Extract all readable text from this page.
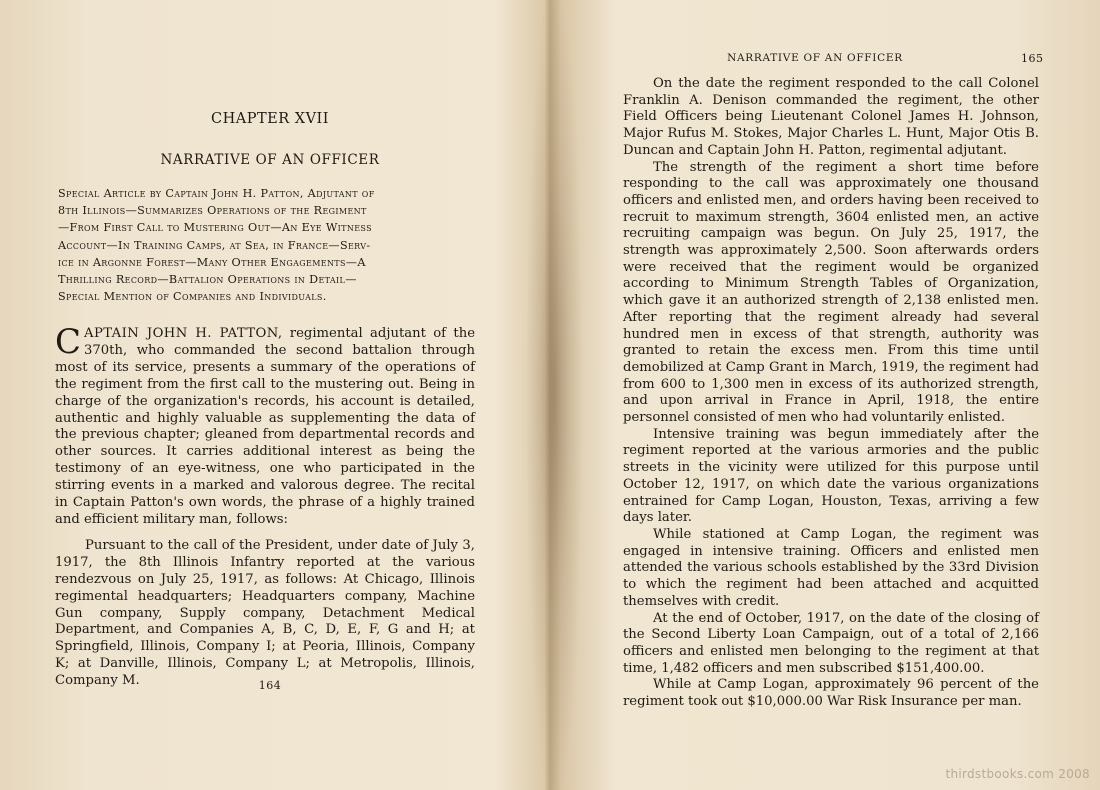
CHAPTER XVII
NARRATIVE OF AN OFFICER
Special Article by Captain John H. Patton, Adjutant of
8th Illinois—Summarizes Operations of the Regiment
—From First Call to Mustering Out—An Eye Witness
Account—In Training Camps, at Sea, in France—Serv-
ice in Argonne Forest—Many Other Engagements—A
Thrilling Record—Battalion Operations in Detail—
Special Mention of Companies and Individuals.

CAPTAIN JOHN H. PATTON, regimental adjutant of the 370th, who commanded the second battalion through most of its service, presents a summary of the operations of the regiment from the first call to the mustering out. Being in charge of the organization's records, his account is detailed, authentic and highly valuable as supplementing the data of the previous chapter; gleaned from departmental records and other sources. It carries additional interest as being the testimony of an eye-witness, one who participated in the stirring events in a marked and valorous degree. The recital in Captain Patton's own words, the phrase of a highly trained and efficient military man, follows:

Pursuant to the call of the President, under date of July 3, 1917, the 8th Illinois Infantry reported at the various rendezvous on July 25, 1917, as follows: At Chicago, Illinois regimental headquarters; Headquarters company, Machine Gun company, Supply company, Detachment Medical Department, and Companies A, B, C, D, E, F, G and H; at Springfield, Illinois, Company I; at Peoria, Illinois, Company K; at Danville, Illinois, Company L; at Metropolis, Illinois, Company M.	164
NARRATIVE OF AN OFFICER	165

On the date the regiment responded to the call Colonel Franklin A. Denison commanded the regiment, the other Field Officers being Lieutenant Colonel James H. Johnson, Major Rufus M. Stokes, Major Charles L. Hunt, Major Otis B. Duncan and Captain John H. Patton, regimental adjutant.

The strength of the regiment a short time before responding to the call was approximately one thousand officers and enlisted men, and orders having been received to recruit to maximum strength, 3604 enlisted men, an active recruiting campaign was begun. On July 25, 1917, the strength was approximately 2,500. Soon afterwards orders were received that the regiment would be organized according to Minimum Strength Tables of Organization, which gave it an authorized strength of 2,138 enlisted men. After reporting that the regiment already had several hundred men in excess of that strength, authority was granted to retain the excess men. From this time until demobilized at Camp Grant in March, 1919, the regiment had from 600 to 1,300 men in excess of its authorized strength, and upon arrival in France in April, 1918, the entire personnel consisted of men who had voluntarily enlisted.

Intensive training was begun immediately after the regiment reported at the various armories and the public streets in the vicinity were utilized for this purpose until October 12, 1917, on which date the various organizations entrained for Camp Logan, Houston, Texas, arriving a few days later.

While stationed at Camp Logan, the regiment was engaged in intensive training. Officers and enlisted men attended the various schools established by the 33rd Division to which the regiment had been attached and acquitted themselves with credit.

At the end of October, 1917, on the date of the closing of the Second Liberty Loan Campaign, out of a total of 2,166 officers and enlisted men belonging to the regiment at that time, 1,482 officers and men subscribed $151,400.00.

While at Camp Logan, approximately 96 percent of the regiment took out $10,000.00 War Risk Insurance per man.

thirdstbooks.com 2008
